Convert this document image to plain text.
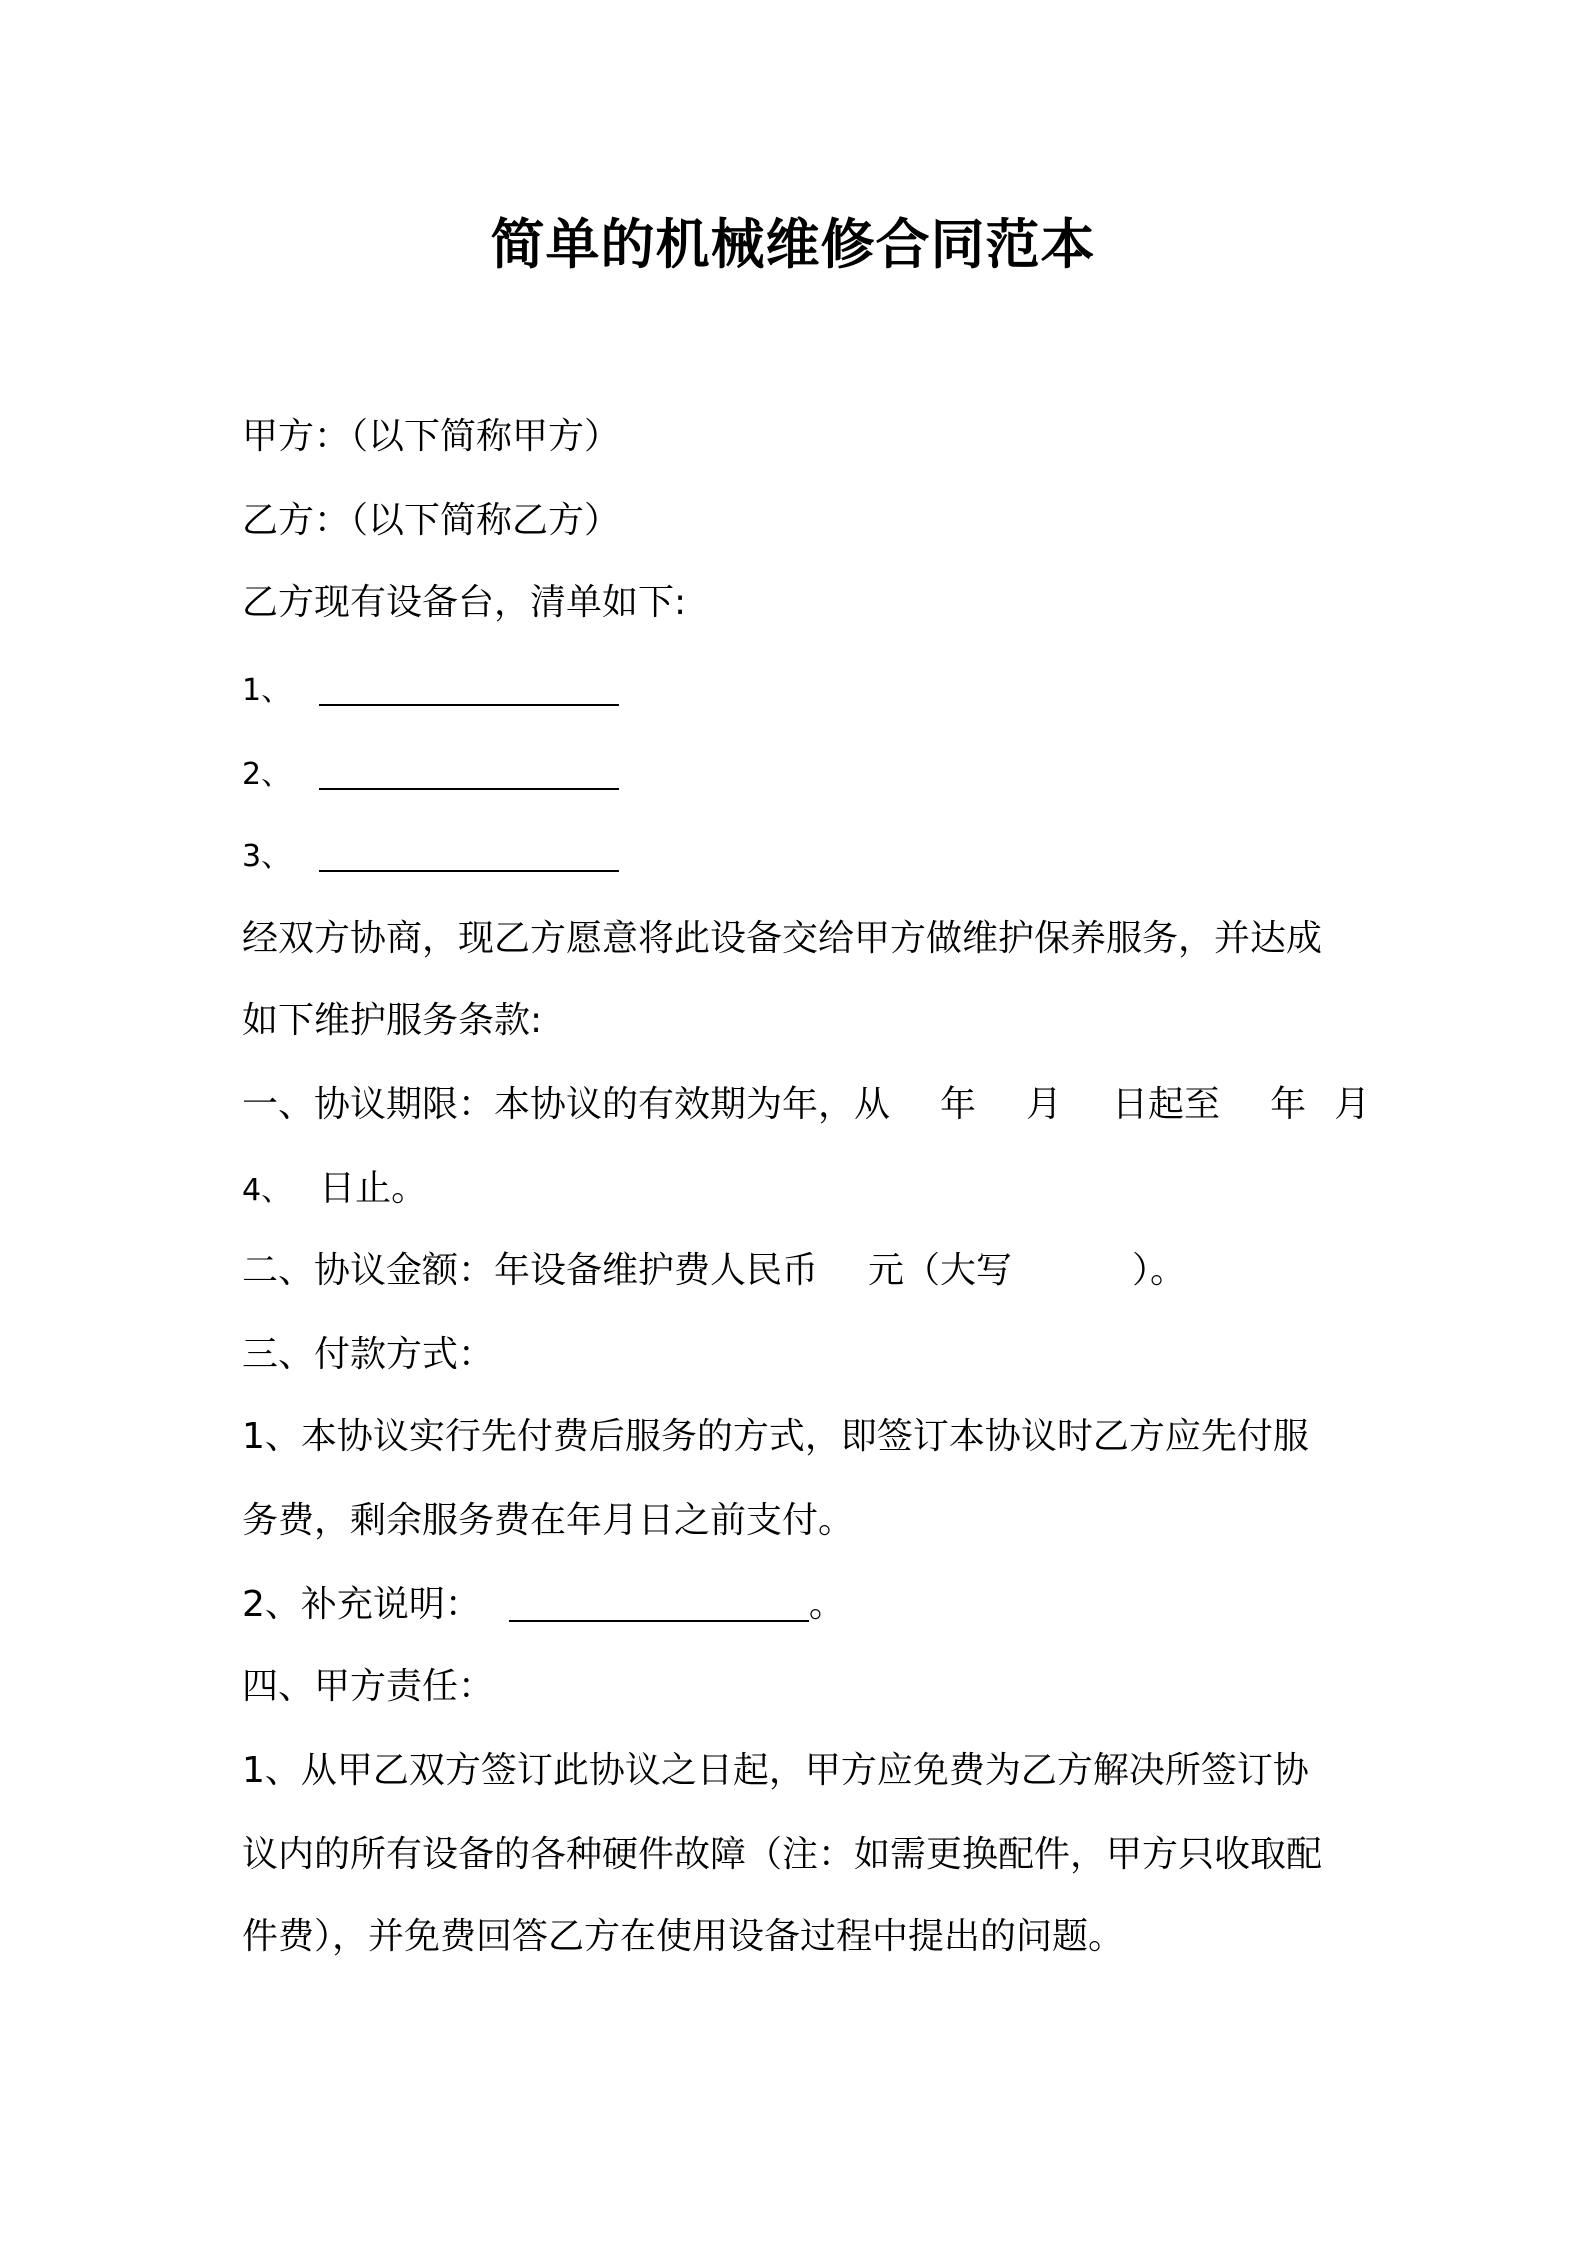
简单的机械维修合同范本
甲方：（以下简称甲方）
乙方：（以下简称乙方）
乙方现有设备台，清单如下:
1、
2、
3、
经双方协商，现乙方愿意将此设备交给甲方做维护保养服务，并达成
如下维护服务条款:
一、协议期限：本协议的有效期为年，从 年 月 日起至 年 月
4、 日止。
二、协议金额：年设备维护费人民币 元（大写	）。
三、付款方式：
1、本协议实行先付费后服务的方式，即签订本协议时乙方应先付服
务费，剩余服务费在年月日之前支付。
2、补充说明：	。
四、甲方责任：
1、从甲乙双方签订此协议之日起，甲方应免费为乙方解决所签订协
议内的所有设备的各种硬件故障（注：如需更换配件，甲方只收取配
件费），并免费回答乙方在使用设备过程中提出的问题。
